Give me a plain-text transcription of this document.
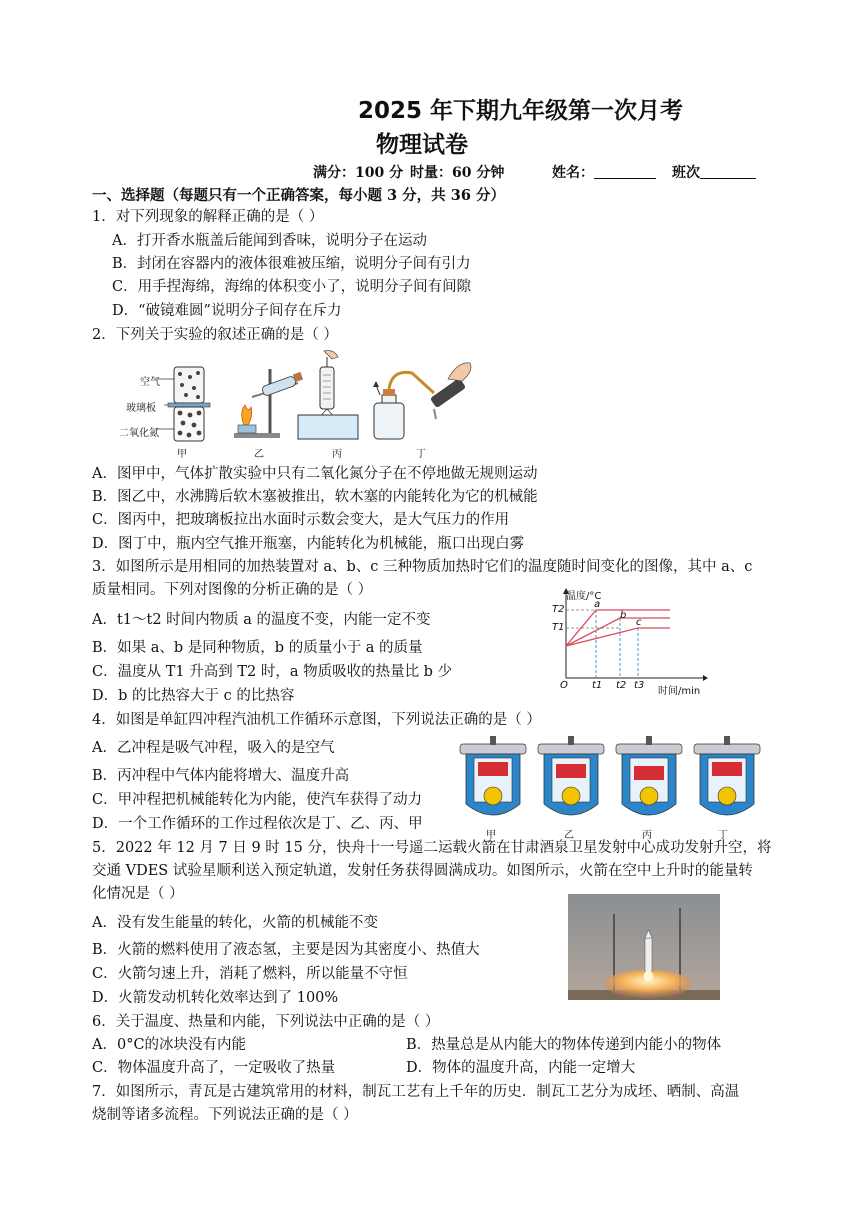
2025 年下期九年级第一次月考
物理试卷
满分：100 分 时量：60 分钟	姓名：	班次
一、选择题（每题只有一个正确答案，每小题 3 分，共 36 分）
1．对下列现象的解释正确的是（ ）
A．打开香水瓶盖后能闻到香味，说明分子在运动
B．封闭在容器内的液体很难被压缩，说明分子间有引力
C．用手捏海绵，海绵的体积变小了，说明分子间有间隙
D．“破镜难圆”说明分子间存在斥力
2．下列关于实验的叙述正确的是（ ）
空气
玻璃板
二氧化氮
甲	乙	丙	丁
A．图甲中，气体扩散实验中只有二氧化氮分子在不停地做无规则运动
B．图乙中，水沸腾后软木塞被推出，软木塞的内能转化为它的机械能
C．图丙中，把玻璃板拉出水面时示数会变大，是大气压力的作用
D．图丁中，瓶内空气推开瓶塞，内能转化为机械能，瓶口出现白雾
3．如图所示是用相同的加热装置对 a、b、c 三种物质加热时它们的温度随时间变化的图像，其中 a、c
质量相同。下列对图像的分析正确的是（ ）
A．t1～t2 时间内物质 a 的温度不变，内能一定不变
B．如果 a、b 是同种物质，b 的质量小于 a 的质量
C．温度从 T1 升高到 T2 时，a 物质吸收的热量比 b 少
D．b 的比热容大于 c 的比热容
温度/°C
T2
T1
O t1 t2 t3
时间/min
a
b
c
4．如图是单缸四冲程汽油机工作循环示意图，下列说法正确的是（ ）
A．乙冲程是吸气冲程，吸入的是空气
B．丙冲程中气体内能将增大、温度升高
C．甲冲程把机械能转化为内能，使汽车获得了动力
D．一个工作循环的工作过程依次是丁、乙、丙、甲
甲	乙	丙	丁
5．2022 年 12 月 7 日 9 时 15 分，快舟十一号遥二运载火箭在甘肃酒泉卫星发射中心成功发射升空，将
交通 VDES 试验星顺利送入预定轨道，发射任务获得圆满成功。如图所示，火箭在空中上升时的能量转
化情况是（ ）
A．没有发生能量的转化，火箭的机械能不变
B．火箭的燃料使用了液态氢，主要是因为其密度小、热值大
C．火箭匀速上升，消耗了燃料，所以能量不守恒
D．火箭发动机转化效率达到了 100%
6．关于温度、热量和内能，下列说法中正确的是（ ）
A．0°C的冰块没有内能	B．热量总是从内能大的物体传递到内能小的物体
C．物体温度升高了，一定吸收了热量	D．物体的温度升高，内能一定增大
7．如图所示，青瓦是古建筑常用的材料，制瓦工艺有上千年的历史．制瓦工艺分为成坯、晒制、高温
烧制等诸多流程。下列说法正确的是（ ）
